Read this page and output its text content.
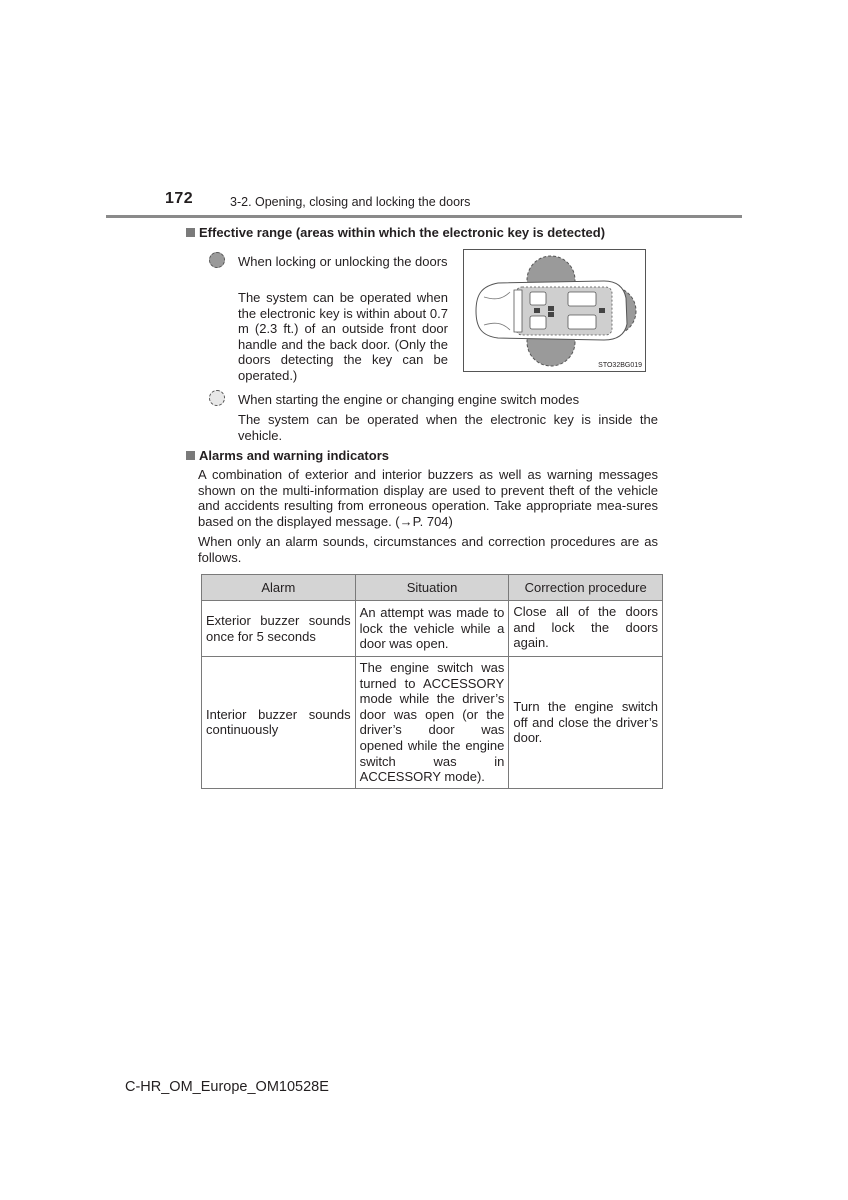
172	3-2. Opening, closing and locking the doors
Effective range (areas within which the electronic key is detected)
When locking or unlocking the doors
The system can be operated when the electronic key is within about 0.7 m (2.3 ft.) of an outside front door handle and the back door. (Only the doors detecting the key can be operated.)
STO32BG019
When starting the engine or changing engine switch modes
The system can be operated when the electronic key is inside the vehicle.
Alarms and warning indicators
A combination of exterior and interior buzzers as well as warning messages shown on the multi-information display are used to prevent theft of the vehicle and accidents resulting from erroneous operation. Take appropriate mea-sures based on the displayed message. (→P. 704)
When only an alarm sounds, circumstances and correction procedures are as follows.
Alarm	Situation	Correction procedure
Exterior buzzer sounds once for 5 seconds	An attempt was made to lock the vehicle while a door was open.	Close all of the doors and lock the doors again.
Interior buzzer sounds continuously	The engine switch was turned to ACCESSORY mode while the driver’s door was open (or the driver’s door was opened while the engine switch was in ACCESSORY mode).	Turn the engine switch off and close the driver’s door.
C-HR_OM_Europe_OM10528E
